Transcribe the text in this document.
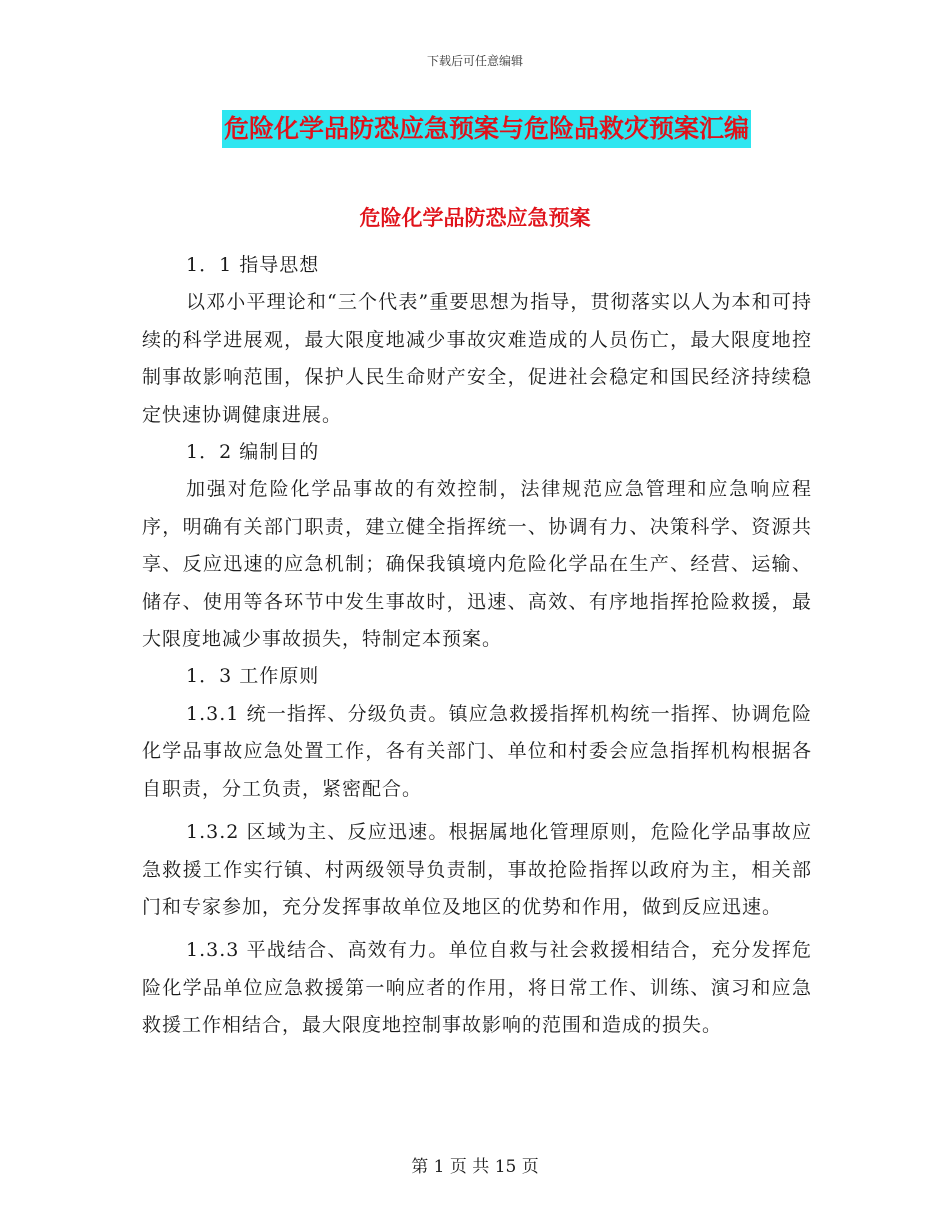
下载后可任意编辑
危险化学品防恐应急预案与危险品救灾预案汇编
危险化学品防恐应急预案

1．1 指导思想

以邓小平理论和“三个代表”重要思想为指导，贯彻落实以人为本和可持续的科学进展观，最大限度地减少事故灾难造成的人员伤亡，最大限度地控制事故影响范围，保护人民生命财产安全，促进社会稳定和国民经济持续稳定快速协调健康进展。

1．2 编制目的

加强对危险化学品事故的有效控制，法律规范应急管理和应急响应程序，明确有关部门职责，建立健全指挥统一、协调有力、决策科学、资源共享、反应迅速的应急机制；确保我镇境内危险化学品在生产、经营、运输、储存、使用等各环节中发生事故时，迅速、高效、有序地指挥抢险救援，最大限度地减少事故损失，特制定本预案。

1．3 工作原则

1.3.1 统一指挥、分级负责。镇应急救援指挥机构统一指挥、协调危险化学品事故应急处置工作，各有关部门、单位和村委会应急指挥机构根据各自职责，分工负责，紧密配合。

1.3.2 区域为主、反应迅速。根据属地化管理原则，危险化学品事故应急救援工作实行镇、村两级领导负责制，事故抢险指挥以政府为主，相关部门和专家参加，充分发挥事故单位及地区的优势和作用，做到反应迅速。

1.3.3 平战结合、高效有力。单位自救与社会救援相结合，充分发挥危险化学品单位应急救援第一响应者的作用，将日常工作、训练、演习和应急救援工作相结合，最大限度地控制事故影响的范围和造成的损失。

第 1 页 共 15 页
